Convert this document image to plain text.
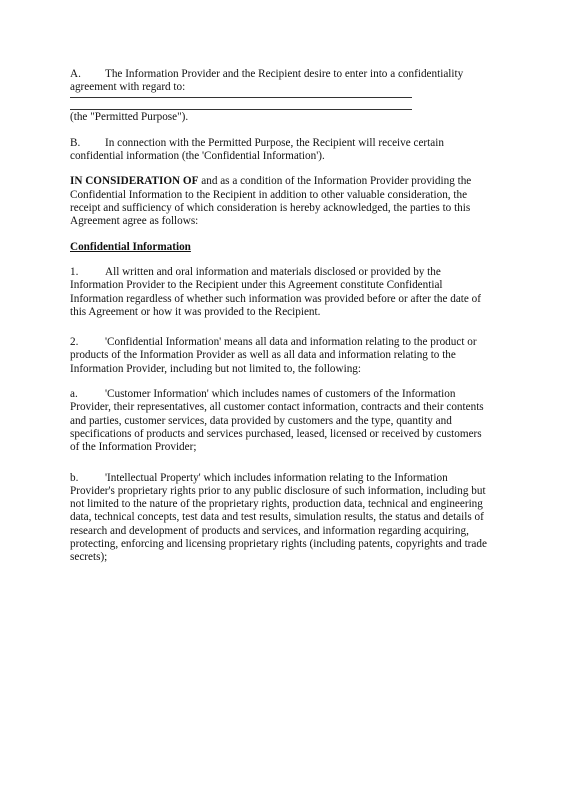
A. The Information Provider and the Recipient desire to enter into a confidentiality

agreement with regard to:

(the "Permitted Purpose").

B. In connection with the Permitted Purpose, the Recipient will receive certain

confidential information (the 'Confidential Information').

IN CONSIDERATION OF and as a condition of the Information Provider providing the

Confidential Information to the Recipient in addition to other valuable consideration, the

receipt and sufficiency of which consideration is hereby acknowledged, the parties to this

Agreement agree as follows:

Confidential Information

1. All written and oral information and materials disclosed or provided by the

Information Provider to the Recipient under this Agreement constitute Confidential

Information regardless of whether such information was provided before or after the date of

this Agreement or how it was provided to the Recipient.

2. 'Confidential Information' means all data and information relating to the product or

products of the Information Provider as well as all data and information relating to the

Information Provider, including but not limited to, the following:

a. 'Customer Information' which includes names of customers of the Information

Provider, their representatives, all customer contact information, contracts and their contents

and parties, customer services, data provided by customers and the type, quantity and

specifications of products and services purchased, leased, licensed or received by customers

of the Information Provider;

b. 'Intellectual Property' which includes information relating to the Information

Provider's proprietary rights prior to any public disclosure of such information, including but

not limited to the nature of the proprietary rights, production data, technical and engineering

data, technical concepts, test data and test results, simulation results, the status and details of

research and development of products and services, and information regarding acquiring,

protecting, enforcing and licensing proprietary rights (including patents, copyrights and trade

secrets);
